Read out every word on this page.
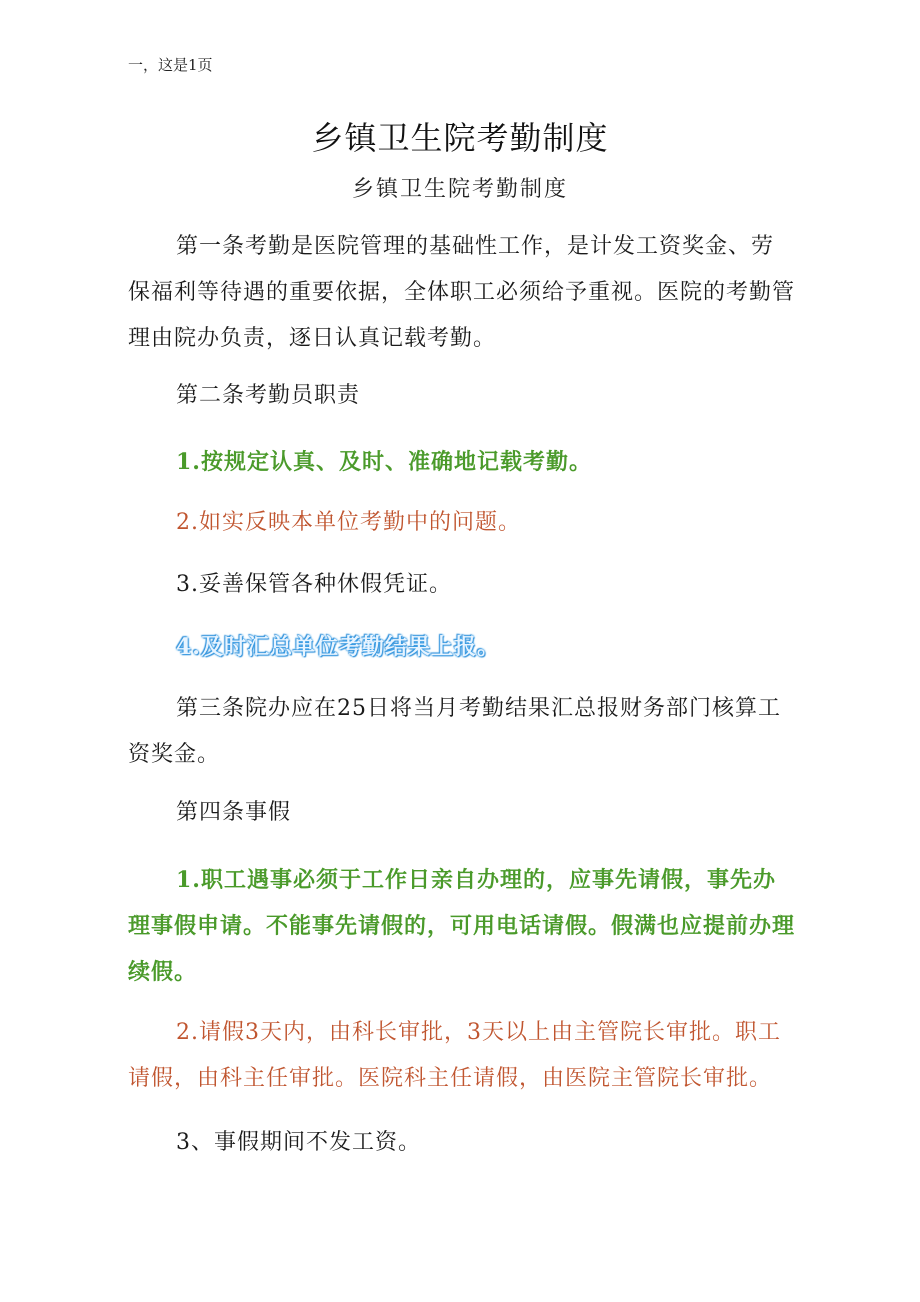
一，这是1页
乡镇卫生院考勤制度
乡镇卫生院考勤制度
第一条考勤是医院管理的基础性工作，是计发工资奖金、劳保福利等待遇的重要依据，全体职工必须给予重视。医院的考勤管理由院办负责，逐日认真记载考勤。
第二条考勤员职责
1.按规定认真、及时、准确地记载考勤。
2.如实反映本单位考勤中的问题。
3.妥善保管各种休假凭证。
4.及时汇总单位考勤结果上报。
第三条院办应在25日将当月考勤结果汇总报财务部门核算工资奖金。
第四条事假
1.职工遇事必须于工作日亲自办理的，应事先请假，事先办理事假申请。不能事先请假的，可用电话请假。假满也应提前办理续假。
2.请假3天内，由科长审批，3天以上由主管院长审批。职工请假，由科主任审批。医院科主任请假，由医院主管院长审批。
3、事假期间不发工资。
